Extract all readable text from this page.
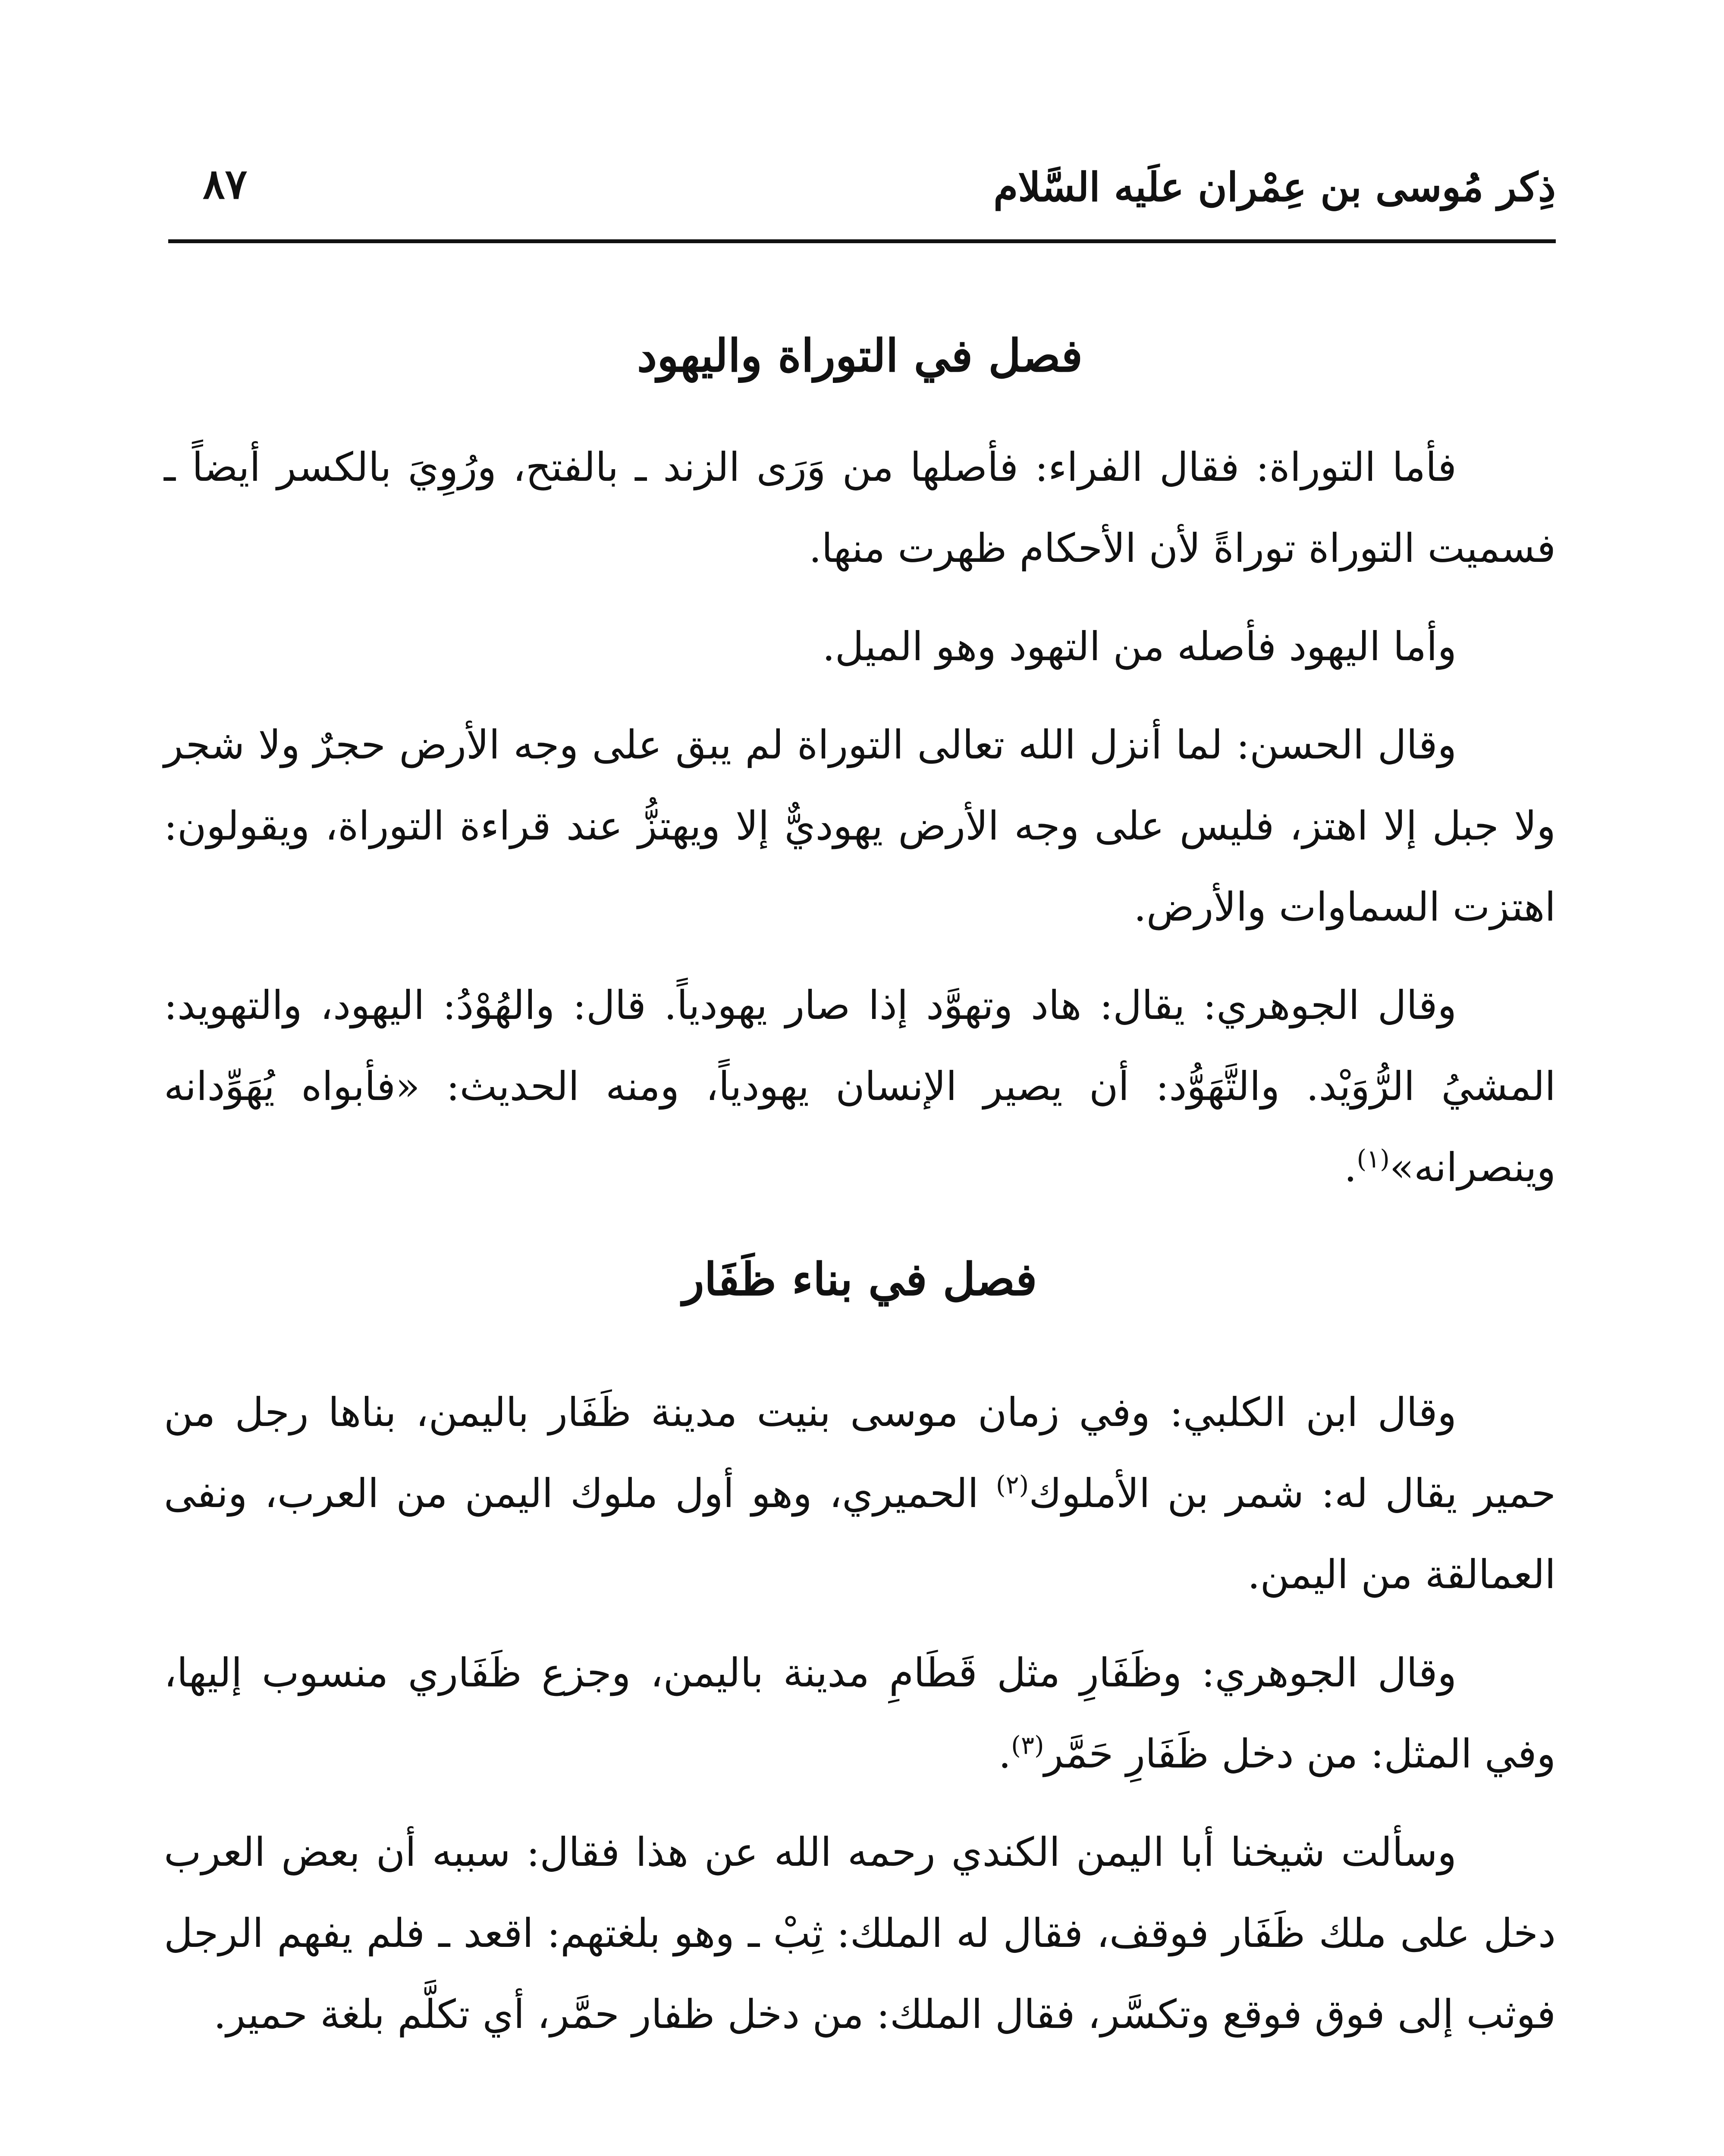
ذِكر مُوسى بن عِمْران علَيه السَّلام
٨٧
فصل في التوراة واليهود

فأما التوراة: فقال الفراء: فأصلها من وَرَى الزند ـ بالفتح، ورُوِيَ بالكسر أيضاً ـ فسميت التوراة توراةً لأن الأحكام ظهرت منها.

وأما اليهود فأصله من التهود وهو الميل.

وقال الحسن: لما أنزل الله تعالى التوراة لم يبق على وجه الأرض حجرٌ ولا شجر ولا جبل إلا اهتز، فليس على وجه الأرض يهوديٌّ إلا ويهتزُّ عند قراءة التوراة، ويقولون: اهتزت السماوات والأرض.

وقال الجوهري: يقال: هاد وتهوَّد إذا صار يهودياً. قال: والهُوْدُ: اليهود، والتهويد: المشيُ الرُّوَيْد. والتَّهَوُّد: أن يصير الإنسان يهودياً، ومنه الحديث: «فأبواه يُهَوِّدانه وينصرانه»$^{(١)}$.

فصل في بناء ظَفَار

وقال ابن الكلبي: وفي زمان موسى بنيت مدينة ظَفَار باليمن، بناها رجل من حمير يقال له: شمر بن الأملوك$^{(٢)}$ الحميري، وهو أول ملوك اليمن من العرب، ونفى العمالقة من اليمن.

وقال الجوهري: وظَفَارِ مثل قَطَامِ مدينة باليمن، وجزع ظَفَاري منسوب إليها، وفي المثل: من دخل ظَفَارِ حَمَّر$^{(٣)}$.

وسألت شيخنا أبا اليمن الكندي رحمه الله عن هذا فقال: سببه أن بعض العرب دخل على ملك ظَفَار فوقف، فقال له الملك: ثِبْ ـ وهو بلغتهم: اقعد ـ فلم يفهم الرجل فوثب إلى فوق فوقع وتكسَّر، فقال الملك: من دخل ظفار حمَّر، أي تكلَّم بلغة حمير.
